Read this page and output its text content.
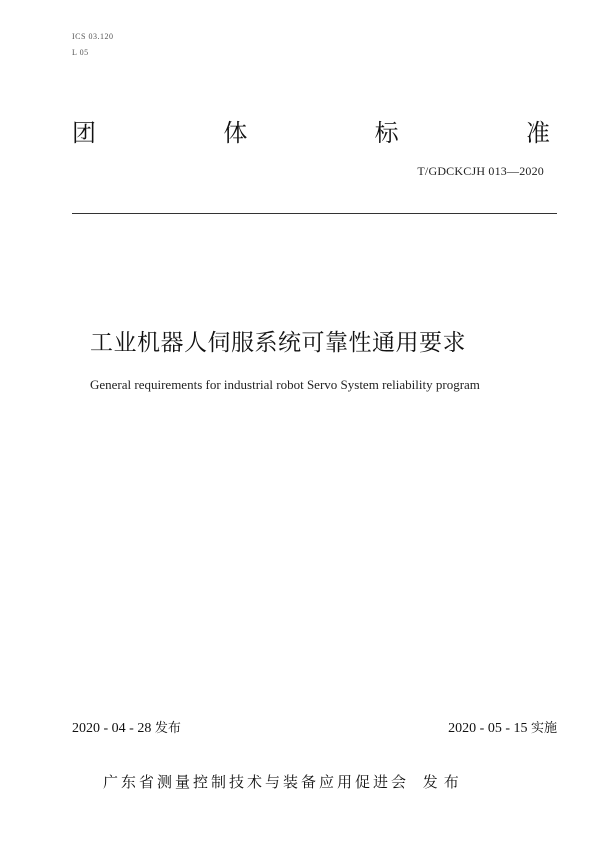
ICS 03.120
L 05
团	体	标	准
T/GDCKCJH 013—2020
工业机器人伺服系统可靠性通用要求
General requirements for industrial robot Servo System reliability program
2020 - 04 - 28 发布	2020 - 05 - 15 实施
广东省测量控制技术与装备应用促进会 发布
